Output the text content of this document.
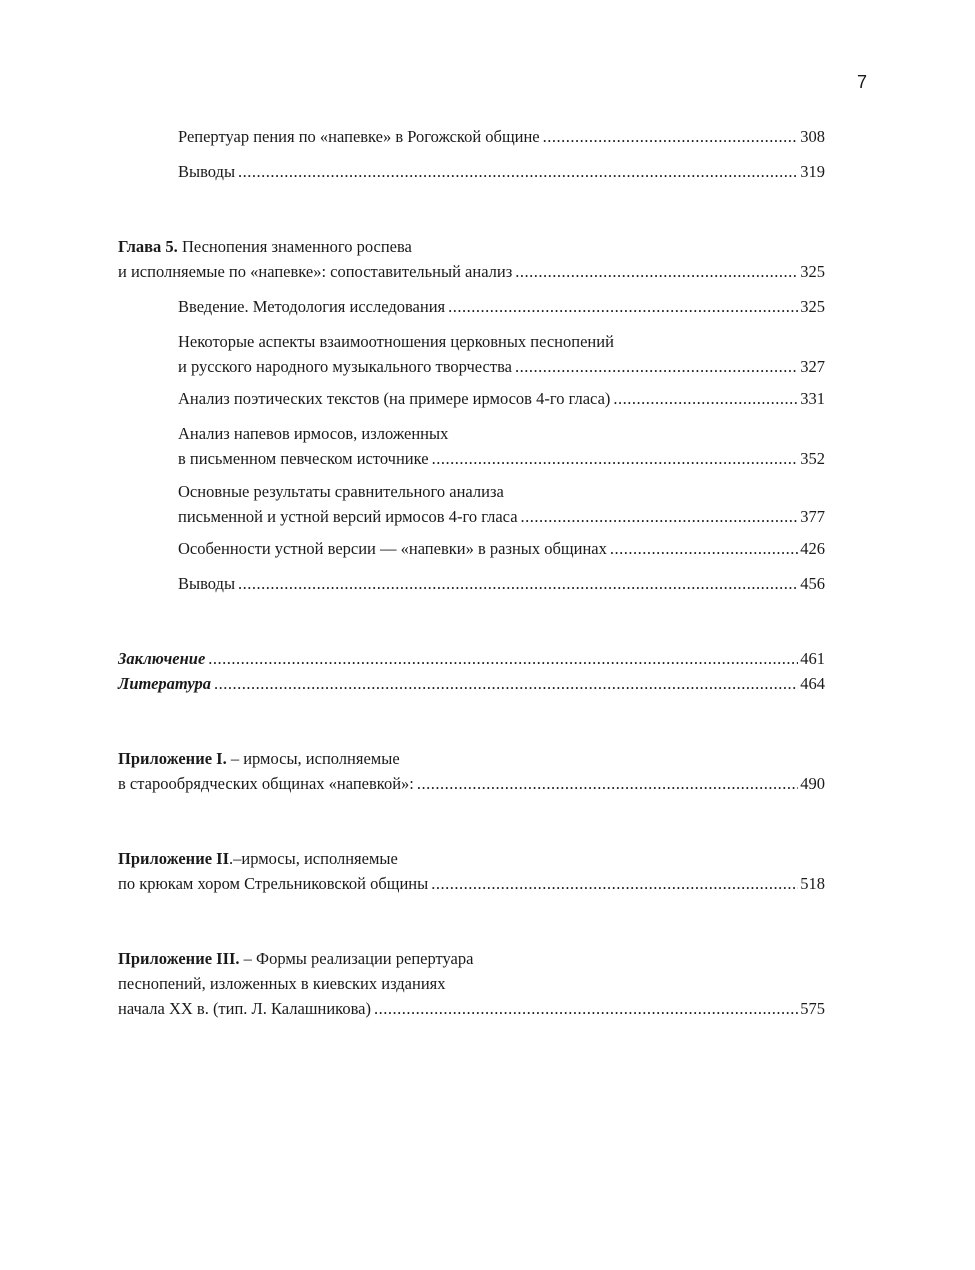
7
Репертуар пения по «напевке» в Рогожской общине .....	308
Выводы .....	319
Глава 5. Песнопения знаменного роспева
и исполняемые по «напевке»: сопоставительный анализ .....	325
Введение. Методология исследования .....	325
Некоторые аспекты взаимоотношения церковных песнопений
и русского народного музыкального творчества .....	327
Анализ поэтических текстов (на примере ирмосов 4-го гласа) .....	331
Анализ напевов ирмосов, изложенных
в письменном певческом источнике .....	352
Основные результаты сравнительного анализа
письменной и устной версий ирмосов 4-го гласа .....	377
Особенности устной версии — «напевки» в разных общинах .....	426
Выводы .....	456
Заключение .....	461
Литература .....	464
Приложение I. – ирмосы, исполняемые
в старообрядческих общинах «напевкой»: .....	490
Приложение II.–ирмосы, исполняемые
по крюкам хором Стрельниковской общины .....	518
Приложение III. – Формы реализации репертуара
песнопений, изложенных в киевских изданиях
начала XX в. (тип. Л. Калашникова) .....	575
